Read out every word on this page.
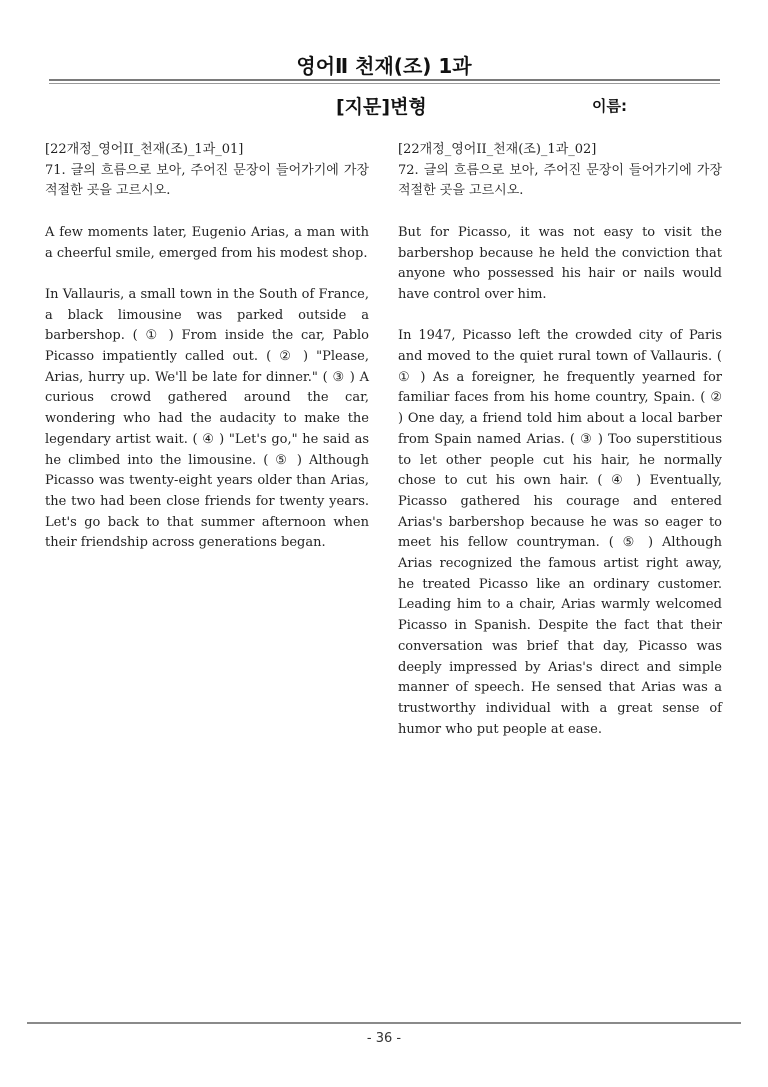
영어Ⅱ 천재(조) 1과
[지문]변형	이름:

[22개정_영어II_천재(조)_1과_01]

71. 글의 흐름으로 보아, 주어진 문장이 들어가기에 가장 적절한 곳을 고르시오.

A few moments later, Eugenio Arias, a man with a cheerful smile, emerged from his modest shop.

In Vallauris, a small town in the South of France, a black limousine was parked outside a barbershop. ( ① ) From inside the car, Pablo Picasso impatiently called out. ( ② ) "Please, Arias, hurry up. We'll be late for dinner." ( ③ ) A curious crowd gathered around the car, wondering who had the audacity to make the legendary artist wait. ( ④ ) "Let's go," he said as he climbed into the limousine. ( ⑤ ) Although Picasso was twenty-eight years older than Arias, the two had been close friends for twenty years. Let's go back to that summer afternoon when their friendship across generations began.

[22개정_영어II_천재(조)_1과_02]

72. 글의 흐름으로 보아, 주어진 문장이 들어가기에 가장 적절한 곳을 고르시오.

But for Picasso, it was not easy to visit the barbershop because he held the conviction that anyone who possessed his hair or nails would have control over him.

In 1947, Picasso left the crowded city of Paris and moved to the quiet rural town of Vallauris. ( ① ) As a foreigner, he frequently yearned for familiar faces from his home country, Spain. ( ② ) One day, a friend told him about a local barber from Spain named Arias. ( ③ ) Too superstitious to let other people cut his hair, he normally chose to cut his own hair. ( ④ ) Eventually, Picasso gathered his courage and entered Arias's barbershop because he was so eager to meet his fellow countryman. ( ⑤ ) Although Arias recognized the famous artist right away, he treated Picasso like an ordinary customer. Leading him to a chair, Arias warmly welcomed Picasso in Spanish. Despite the fact that their conversation was brief that day, Picasso was deeply impressed by Arias's direct and simple manner of speech. He sensed that Arias was a trustworthy individual with a great sense of humor who put people at ease.

- 36 -
